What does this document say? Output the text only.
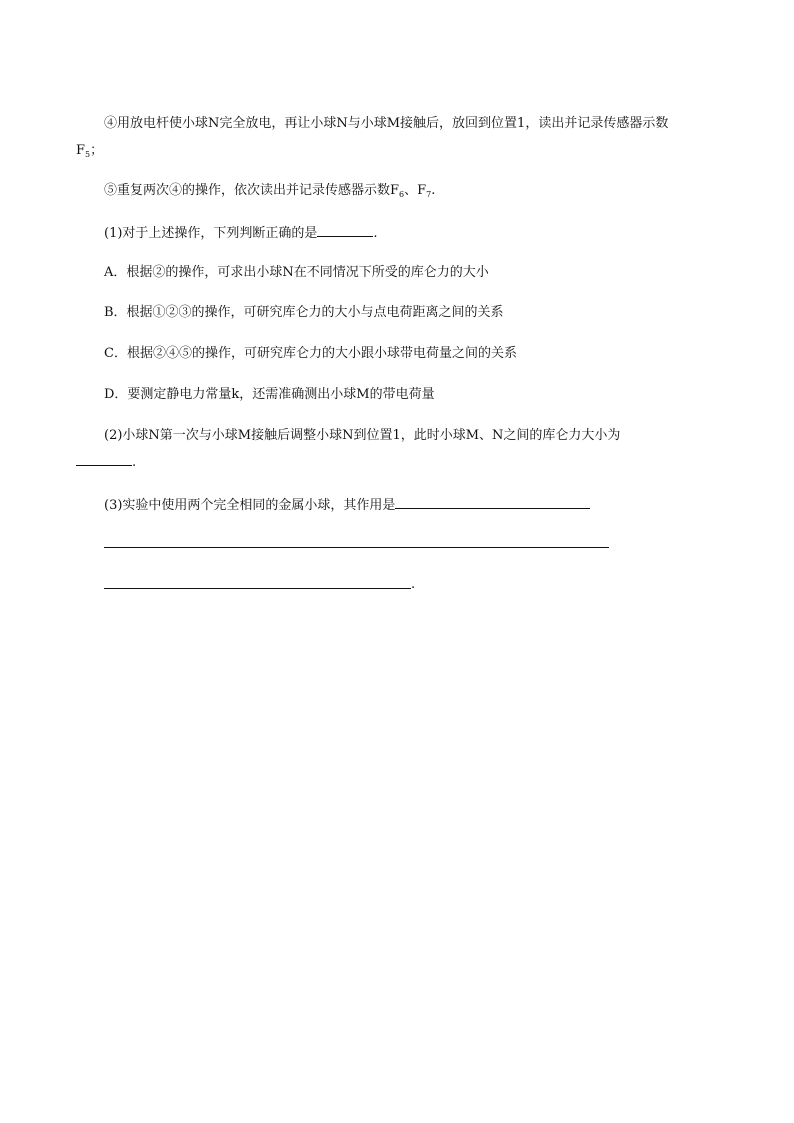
④用放电杆使小球N完全放电，再让小球N与小球M接触后，放回到位置1，读出并记录传感器示数
$F_5$；
⑤重复两次④的操作，依次读出并记录传感器示数$F_6$、$F_7$.
(1)对于上述操作，下列判断正确的是	.
A．根据②的操作，可求出小球N在不同情况下所受的库仑力的大小
B．根据①②③的操作，可研究库仑力的大小与点电荷距离之间的关系
C．根据②④⑤的操作，可研究库仑力的大小跟小球带电荷量之间的关系
D．要测定静电力常量k，还需准确测出小球M的带电荷量
(2)小球N第一次与小球M接触后调整小球N到位置1，此时小球M、N之间的库仑力大小为
.
(3)实验中使用两个完全相同的金属小球，其作用是
.
